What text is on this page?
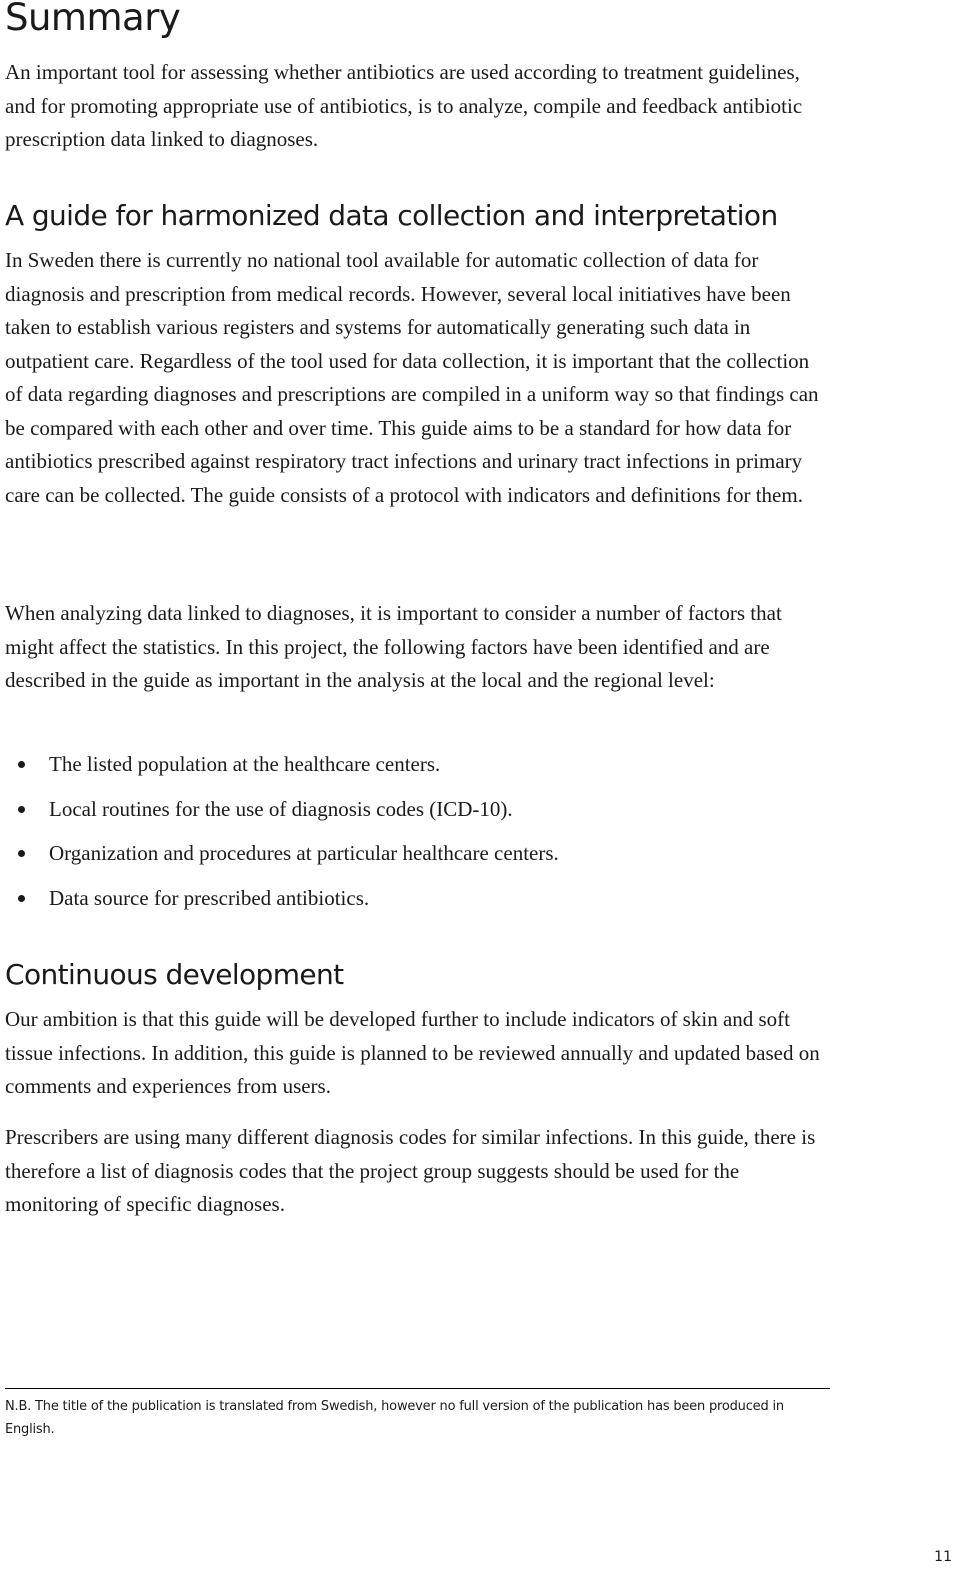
Summary

An important tool for assessing whether antibiotics are used according to treatment guidelines, and for promoting appropriate use of antibiotics, is to analyze, compile and feedback antibiotic prescription data linked to diagnoses.

A guide for harmonized data collection and interpretation

In Sweden there is currently no national tool available for automatic collection of data for diagnosis and prescription from medical records. However, several local initiatives have been taken to establish various registers and systems for automatically generating such data in outpatient care. Regardless of the tool used for data collection, it is important that the collection of data regarding diagnoses and prescriptions are compiled in a uniform way so that findings can be compared with each other and over time. This guide aims to be a standard for how data for antibiotics prescribed against respiratory tract infections and urinary tract infections in primary care can be collected. The guide consists of a protocol with indicators and definitions for them.

When analyzing data linked to diagnoses, it is important to consider a number of factors that might affect the statistics. In this project, the following factors have been identified and are described in the guide as important in the analysis at the local and the regional level:

The listed population at the healthcare centers.
Local routines for the use of diagnosis codes (ICD-10).
Organization and procedures at particular healthcare centers.
Data source for prescribed antibiotics.
Continuous development

Our ambition is that this guide will be developed further to include indicators of skin and soft tissue infections. In addition, this guide is planned to be reviewed annually and updated based on comments and experiences from users.

Prescribers are using many different diagnosis codes for similar infections. In this guide, there is therefore a list of diagnosis codes that the project group suggests should be used for the monitoring of specific diagnoses.

N.B. The title of the publication is translated from Swedish, however no full version of the publication has been produced in English.

11
